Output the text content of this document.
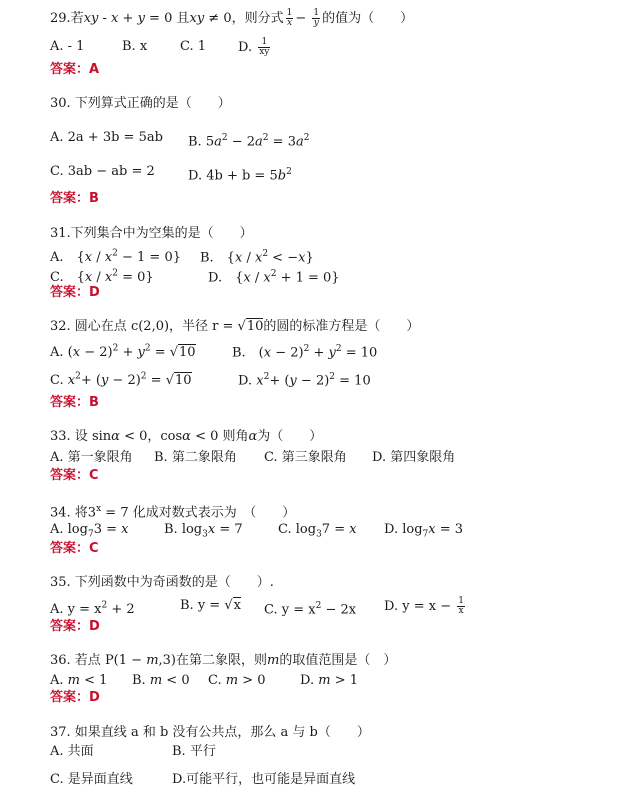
29.若xy - x + y = 0 且xy ≠ 0，则分式 $\frac{1}{x} - \frac{1}{y}$ 的值为（　　）
A. - 1	B. x	C. 1 D. $\frac{1}{xy}$
答案：A
30. 下列算式正确的是（　　）
A. 2a + 3b = 5ab B. $5a^2 - 2a^2 = 3a^2$
C. 3ab − ab = 2	D. $4b + b = 5b^2$
答案：B
31.下列集合中为空集的是（　　）
A.　$\{x / x^2 - 1 = 0\}$ B.　$\{x / x^2 < -x\}$
C.　$\{x / x^2 = 0\}$	D.　$\{x / x^2 + 1 = 0\}$
答案：D
32. 圆心在点 c(2,0)，半径 r = √10的圆的标准方程是（　　）
A. $(x - 2)^2 + y^2 = √10$	B.　$(x - 2)^2 + y^2 = 10$
C. $x^2+ (y - 2)^2 = √10$	D. $x^2+ (y - 2)^2 = 10$
答案：B
33. 设 sinα < 0，cosα < 0 则角α为（　　）
A. 第一象限角 B. 第二象限角 C. 第三象限角 D. 第四象限角
答案：C
34. 将$3^x = 7$ 化成对数式表示为　（　　）
A. $\log_73 = x$	B. $\log_3x = 7$	C. $\log_37 = x$ D. $\log_7x = 3$
答案：C
35. 下列函数中为奇函数的是（　　）.
A. $y = x^2 + 2$	B. y = √x C. $y = x^2 - 2x$ D. $y = x - \frac{1}{x}$
答案：D
36. 若点 P(1 − m,3)在第二象限，则m的取值范围是（　）
A. m < 1 B. m < 0 C. m > 0	D. m > 1
答案：D
37. 如果直线 a 和 b 没有公共点，那么 a 与 b（　　）
A. 共面	B. 平行
C. 是异面直线	D.可能平行，也可能是异面直线
